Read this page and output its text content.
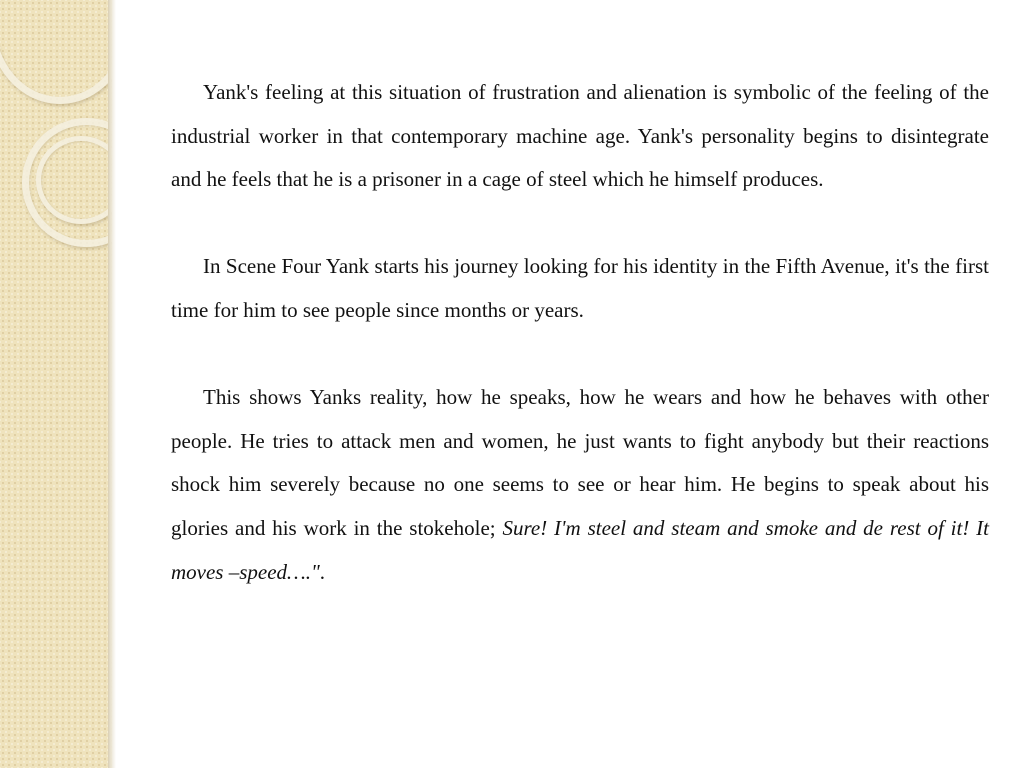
Yank's feeling at this situation of frustration and alienation is symbolic of the feeling of the industrial worker in that contemporary machine age. Yank's personality begins to disintegrate and he feels that he is a prisoner in a cage of steel which he himself produces.

In Scene Four Yank starts his journey looking for his identity in the Fifth Avenue, it's the first time for him to see people since months or years.

This shows Yanks reality, how he speaks, how he wears and how he behaves with other people. He tries to attack men and women, he just wants to fight anybody but their reactions shock him severely because no one seems to see or hear him. He begins to speak about his glories and his work in the stokehole; Sure! I'm steel and steam and smoke and de rest of it! It moves –speed….".
